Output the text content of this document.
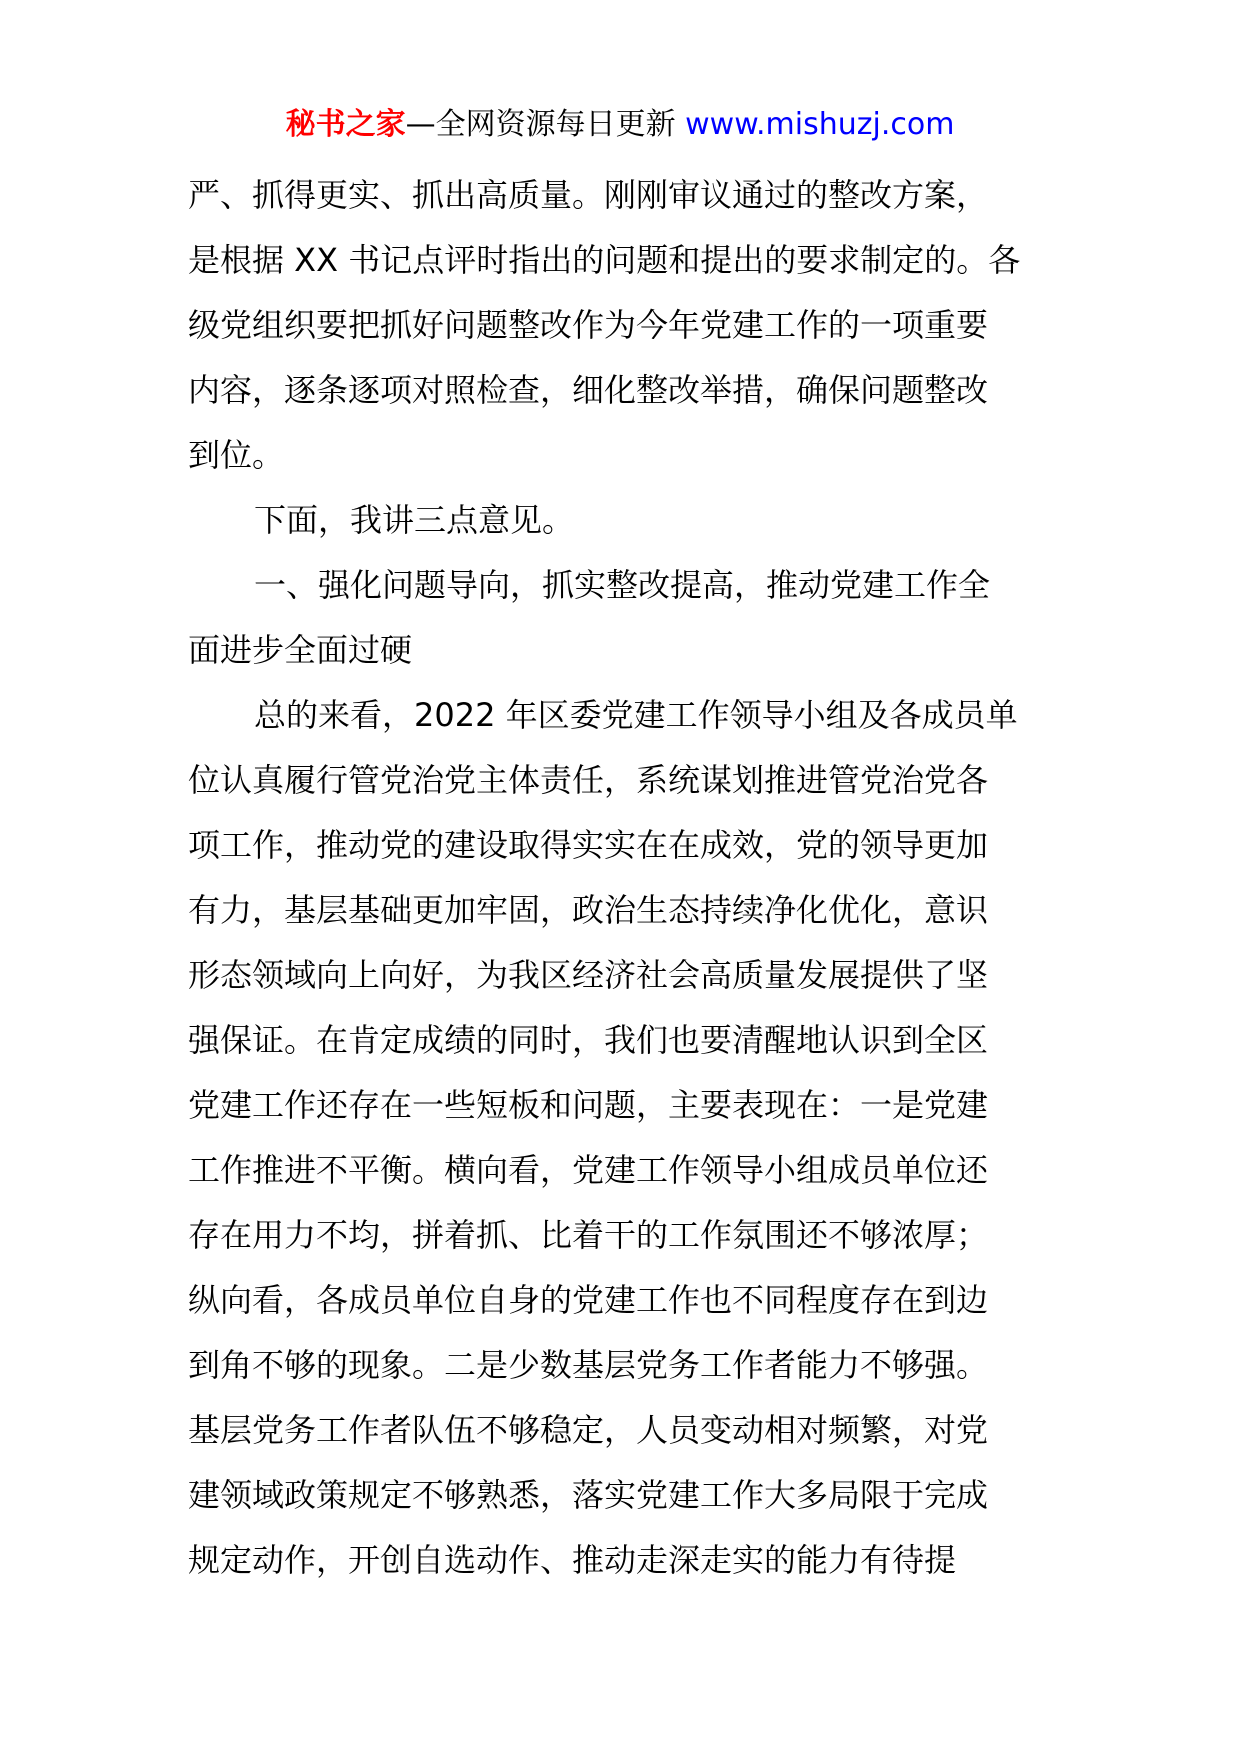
秘书之家—全网资源每日更新 www.mishuzj.com
严、抓得更实、抓出高质量。刚刚审议通过的整改方案，
是根据 XX 书记点评时指出的问题和提出的要求制定的。各
级党组织要把抓好问题整改作为今年党建工作的一项重要
内容，逐条逐项对照检查，细化整改举措，确保问题整改
到位。
下面，我讲三点意见。
一、强化问题导向，抓实整改提高，推动党建工作全
面进步全面过硬
总的来看，2022 年区委党建工作领导小组及各成员单
位认真履行管党治党主体责任，系统谋划推进管党治党各
项工作，推动党的建设取得实实在在成效，党的领导更加
有力，基层基础更加牢固，政治生态持续净化优化，意识
形态领域向上向好，为我区经济社会高质量发展提供了坚
强保证。在肯定成绩的同时，我们也要清醒地认识到全区
党建工作还存在一些短板和问题，主要表现在：一是党建
工作推进不平衡。横向看，党建工作领导小组成员单位还
存在用力不均，拼着抓、比着干的工作氛围还不够浓厚；
纵向看，各成员单位自身的党建工作也不同程度存在到边
到角不够的现象。二是少数基层党务工作者能力不够强。
基层党务工作者队伍不够稳定，人员变动相对频繁，对党
建领域政策规定不够熟悉，落实党建工作大多局限于完成
规定动作，开创自选动作、推动走深走实的能力有待提
